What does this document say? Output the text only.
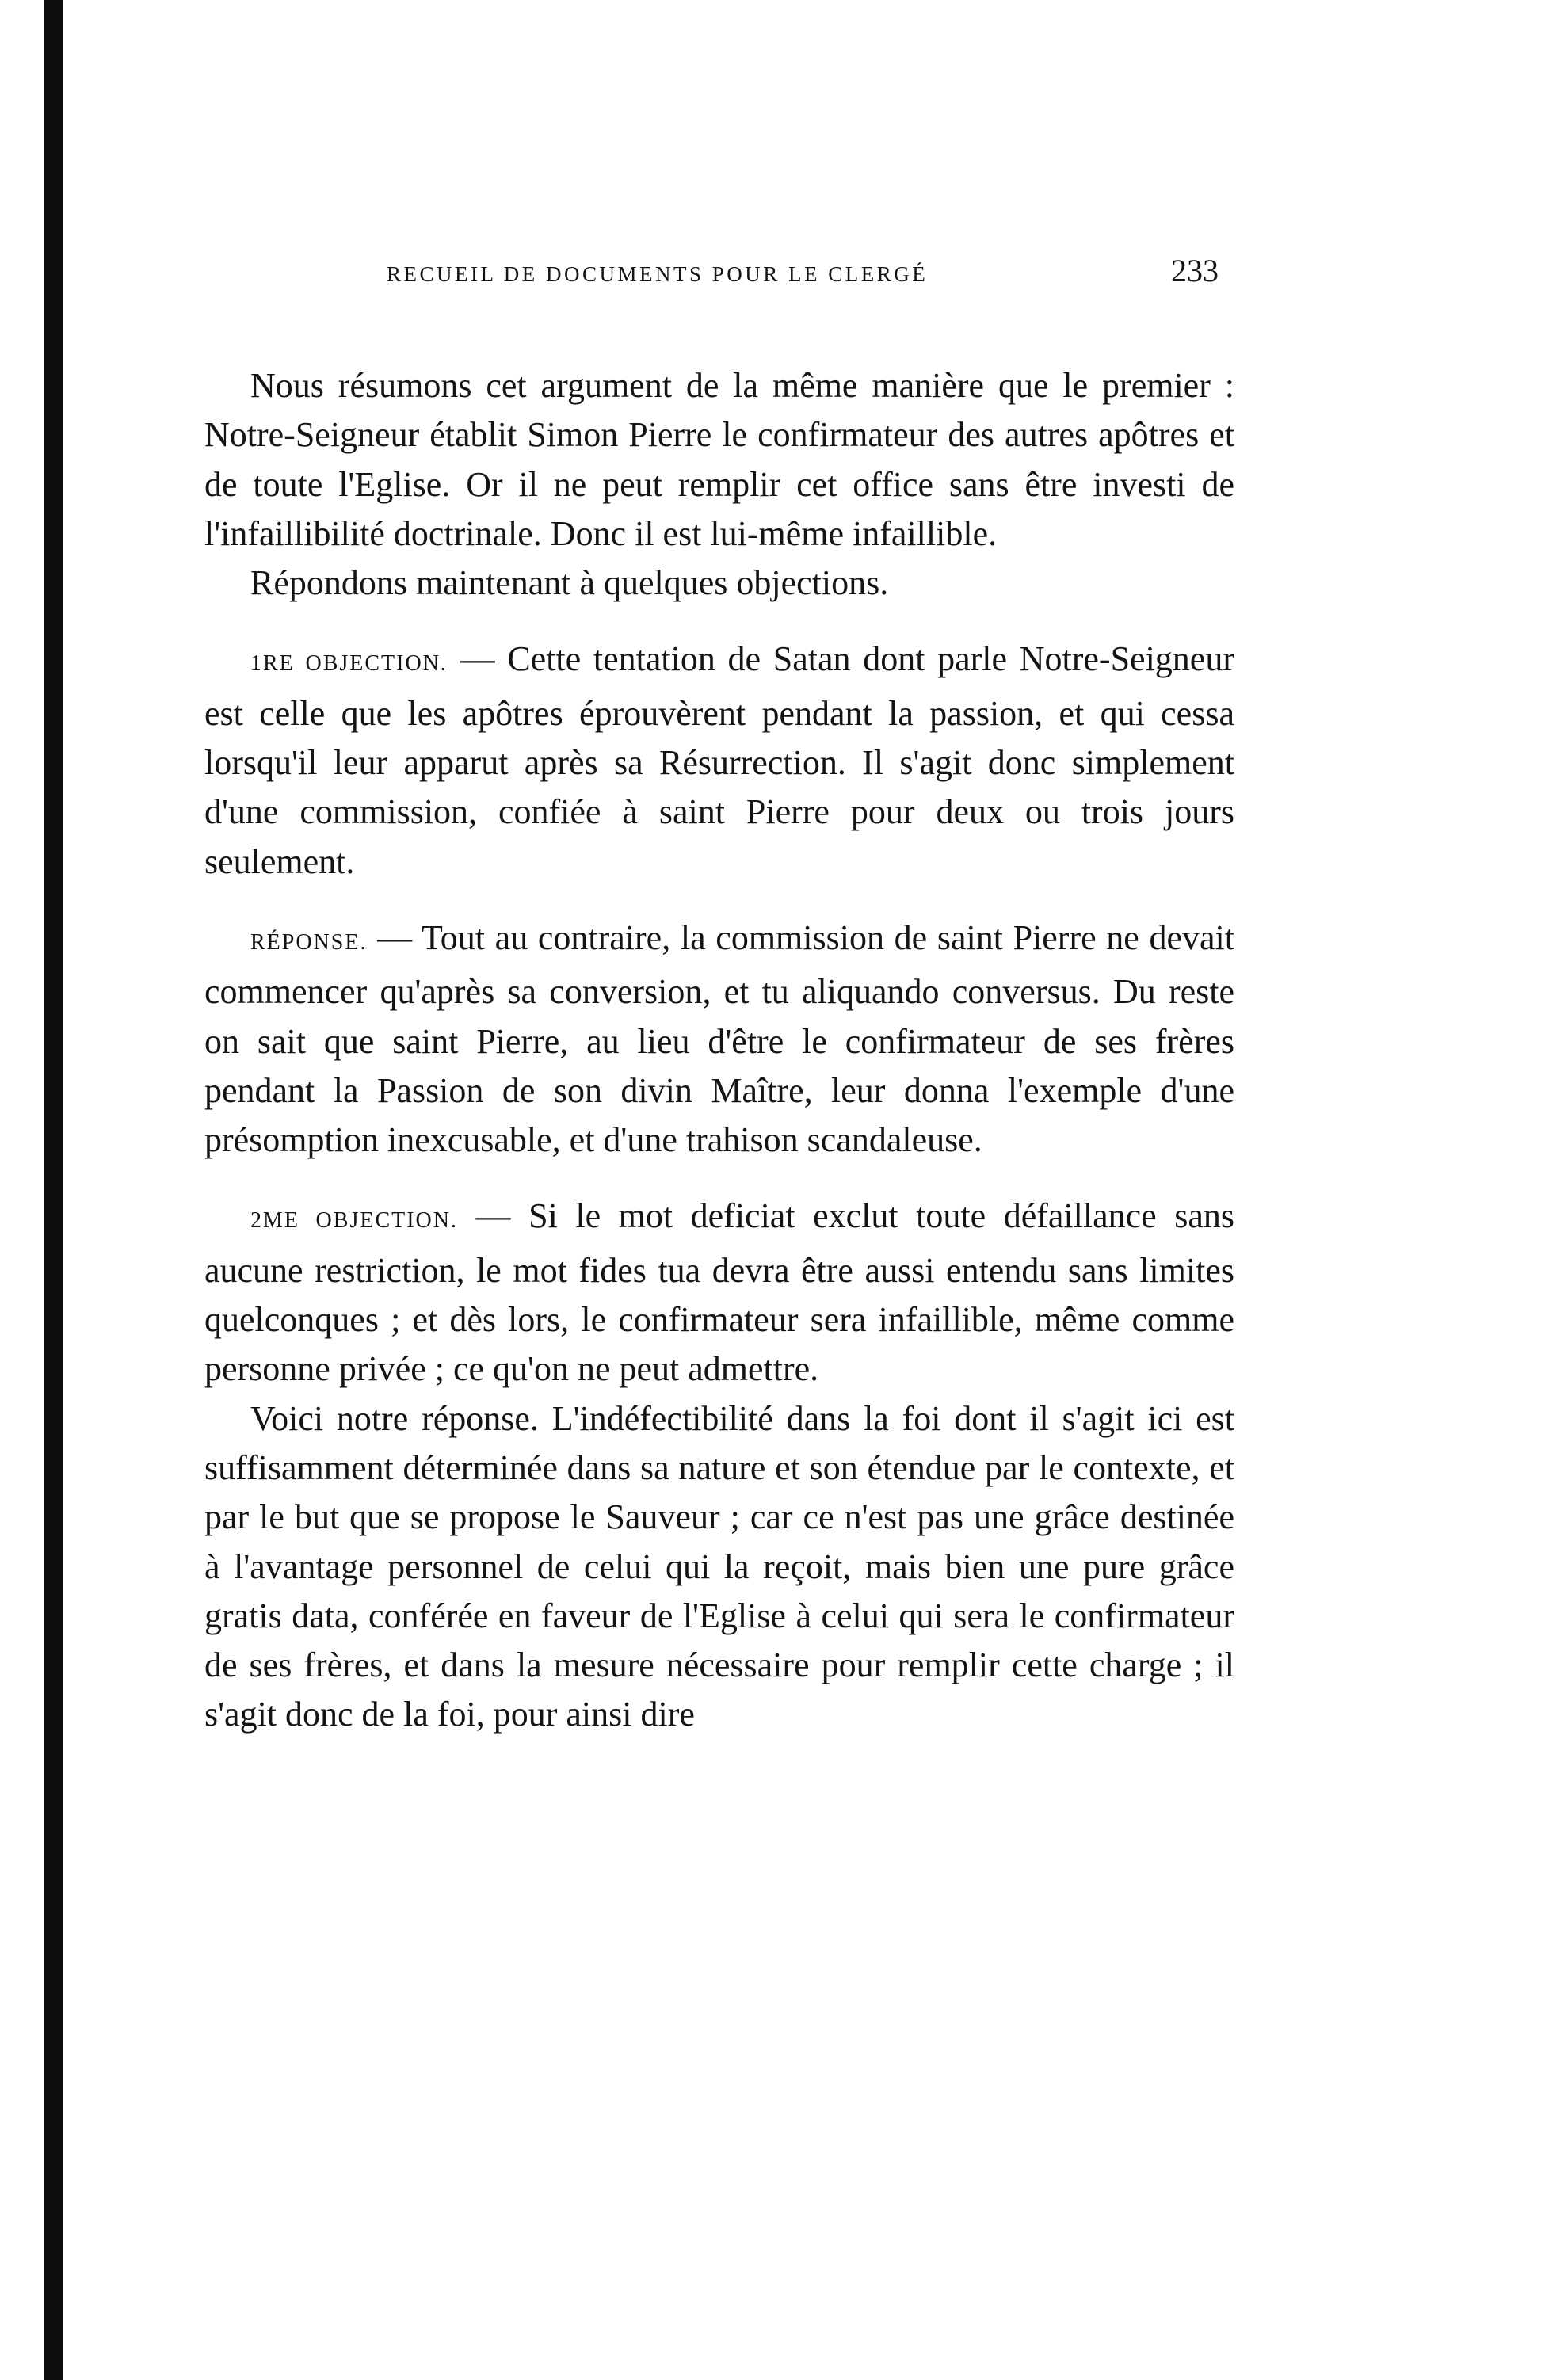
RECUEIL DE DOCUMENTS POUR LE CLERGÉ	233

Nous résumons cet argument de la même manière que le premier : Notre-Seigneur établit Simon Pierre le confirmateur des autres apôtres et de toute l'Eglise. Or il ne peut remplir cet office sans être investi de l'infaillibilité doctrinale. Donc il est lui-même infaillible.

Répondons maintenant à quelques objections.

1RE OBJECTION. — Cette tentation de Satan dont parle Notre-Seigneur est celle que les apôtres éprouvèrent pendant la passion, et qui cessa lorsqu'il leur apparut après sa Résurrection. Il s'agit donc simplement d'une commission, confiée à saint Pierre pour deux ou trois jours seulement.

RÉPONSE. — Tout au contraire, la commission de saint Pierre ne devait commencer qu'après sa conversion, et tu aliquando conversus. Du reste on sait que saint Pierre, au lieu d'être le confirmateur de ses frères pendant la Passion de son divin Maître, leur donna l'exemple d'une présomption inexcusable, et d'une trahison scandaleuse.

2ME OBJECTION. — Si le mot deficiat exclut toute défaillance sans aucune restriction, le mot fides tua devra être aussi entendu sans limites quelconques ; et dès lors, le confirmateur sera infaillible, même comme personne privée ; ce qu'on ne peut admettre.

Voici notre réponse. L'indéfectibilité dans la foi dont il s'agit ici est suffisamment déterminée dans sa nature et son étendue par le contexte, et par le but que se propose le Sauveur ; car ce n'est pas une grâce destinée à l'avantage personnel de celui qui la reçoit, mais bien une pure grâce gratis data, conférée en faveur de l'Eglise à celui qui sera le confirmateur de ses frères, et dans la mesure nécessaire pour remplir cette charge ; il s'agit donc de la foi, pour ainsi dire
